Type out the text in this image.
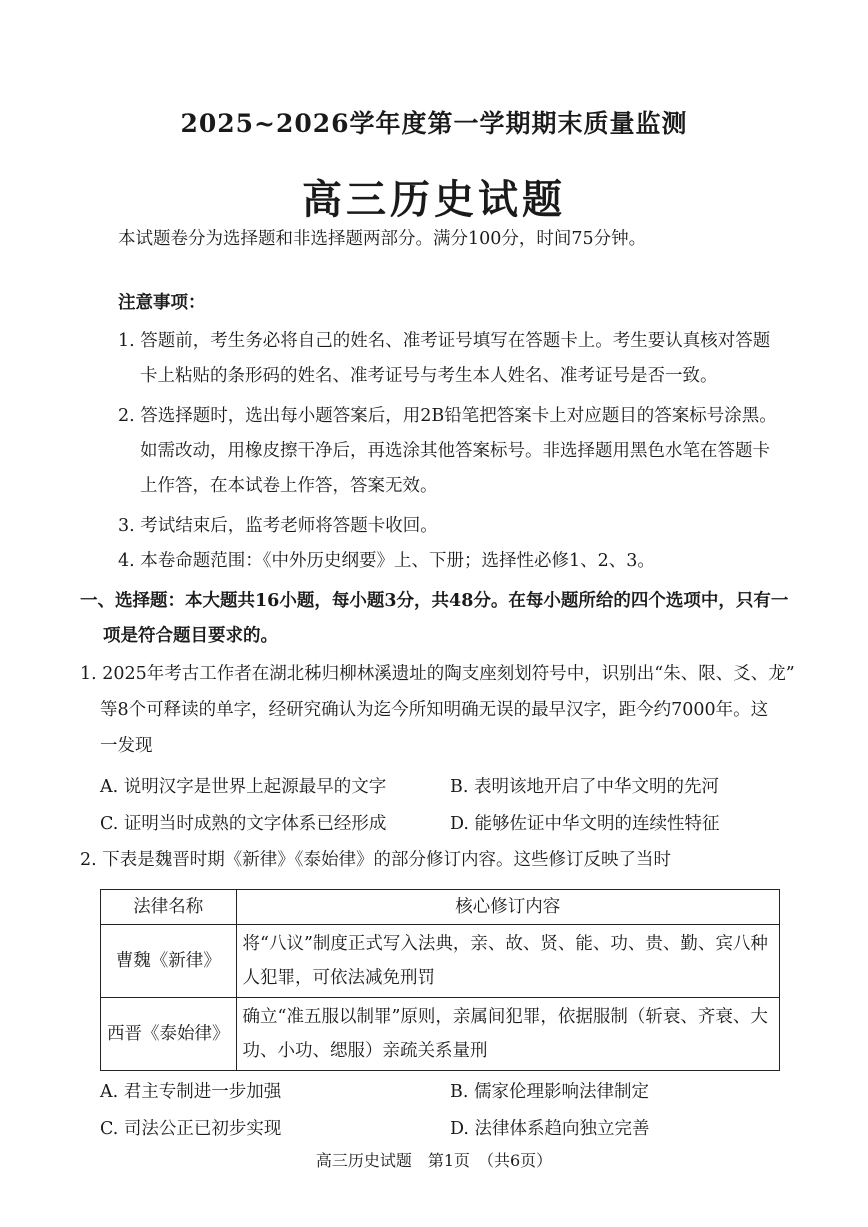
2025~2026学年度第一学期期末质量监测
高三历史试题
本试题卷分为选择题和非选择题两部分。满分100分，时间75分钟。
注意事项：
1. 答题前，考生务必将自己的姓名、准考证号填写在答题卡上。考生要认真核对答题
卡上粘贴的条形码的姓名、准考证号与考生本人姓名、准考证号是否一致。
2. 答选择题时，选出每小题答案后，用2B铅笔把答案卡上对应题目的答案标号涂黑。
如需改动，用橡皮擦干净后，再选涂其他答案标号。非选择题用黑色水笔在答题卡
上作答，在本试卷上作答，答案无效。
3. 考试结束后，监考老师将答题卡收回。
4. 本卷命题范围：《中外历史纲要》上、下册；选择性必修1、2、3。
一、选择题：本大题共16小题，每小题3分，共48分。在每小题所给的四个选项中，只有一
项是符合题目要求的。
1. 2025年考古工作者在湖北秭归柳林溪遗址的陶支座刻划符号中，识别出“朱、限、爻、龙”
等8个可释读的单字，经研究确认为迄今所知明确无误的最早汉字，距今约7000年。这
一发现
A. 说明汉字是世界上起源最早的文字	B. 表明该地开启了中华文明的先河
C. 证明当时成熟的文字体系已经形成	D. 能够佐证中华文明的连续性特征
2. 下表是魏晋时期《新律》《泰始律》的部分修订内容。这些修订反映了当时
法律名称	核心修订内容
曹魏《新律》	将“八议”制度正式写入法典，亲、故、贤、能、功、贵、勤、宾八种人犯罪，可依法减免刑罚
西晋《泰始律》	确立“准五服以制罪”原则，亲属间犯罪，依据服制（斩衰、齐衰、大功、小功、缌服）亲疏关系量刑
A. 君主专制进一步加强	B. 儒家伦理影响法律制定
C. 司法公正已初步实现	D. 法律体系趋向独立完善
高三历史试题　第1页　（共6页）
